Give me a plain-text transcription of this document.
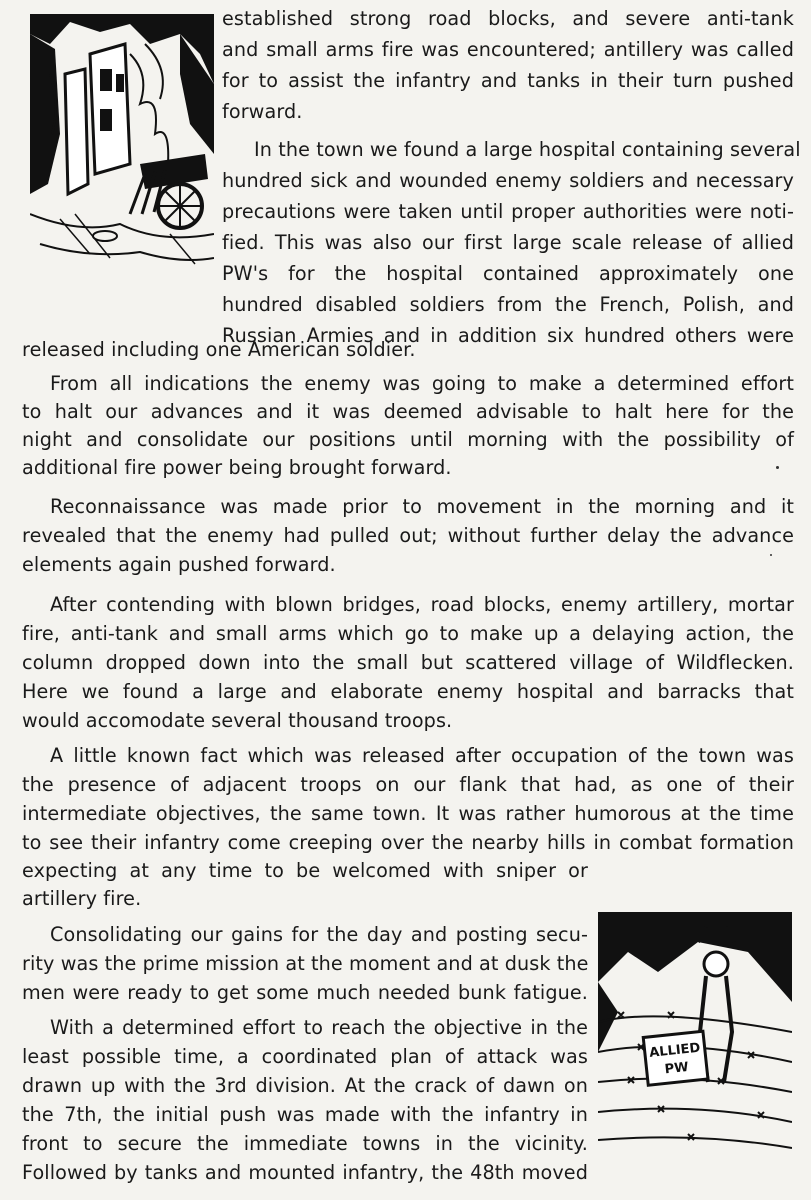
ALLIED
PW
established strong road blocks, and severe anti-tank
and small arms fire was encountered; antillery was called
for to assist the infantry and tanks in their turn pushed
forward.
In the town we found a large hospital containing several
hundred sick and wounded enemy soldiers and necessary
precautions were taken until proper authorities were noti-
fied. This was also our first large scale release of allied
PW's for the hospital contained approximately one
hundred disabled soldiers from the French, Polish, and
Russian Armies and in addition six hundred others were
released including one American soldier.
From all indications the enemy was going to make a determined effort
to halt our advances and it was deemed advisable to halt here for the
night and consolidate our positions until morning with the possibility of
additional fire power being brought forward.
Reconnaissance was made prior to movement in the morning and it
revealed that the enemy had pulled out; without further delay the advance
elements again pushed forward.
After contending with blown bridges, road blocks, enemy artillery, mortar
fire, anti-tank and small arms which go to make up a delaying action, the
column dropped down into the small but scattered village of Wildflecken.
Here we found a large and elaborate enemy hospital and barracks that
would accomodate several thousand troops.
A little known fact which was released after occupation of the town was
the presence of adjacent troops on our flank that had, as one of their
intermediate objectives, the same town. It was rather humorous at the time
to see their infantry come creeping over the nearby hills in combat formation
expecting at any time to be welcomed with sniper or
artillery fire.
Consolidating our gains for the day and posting secu-
rity was the prime mission at the moment and at dusk the
men were ready to get some much needed bunk fatigue.
With a determined effort to reach the objective in the
least possible time, a coordinated plan of attack was
drawn up with the 3rd division. At the crack of dawn on
the 7th, the initial push was made with the infantry in
front to secure the immediate towns in the vicinity.
Followed by tanks and mounted infantry, the 48th moved
